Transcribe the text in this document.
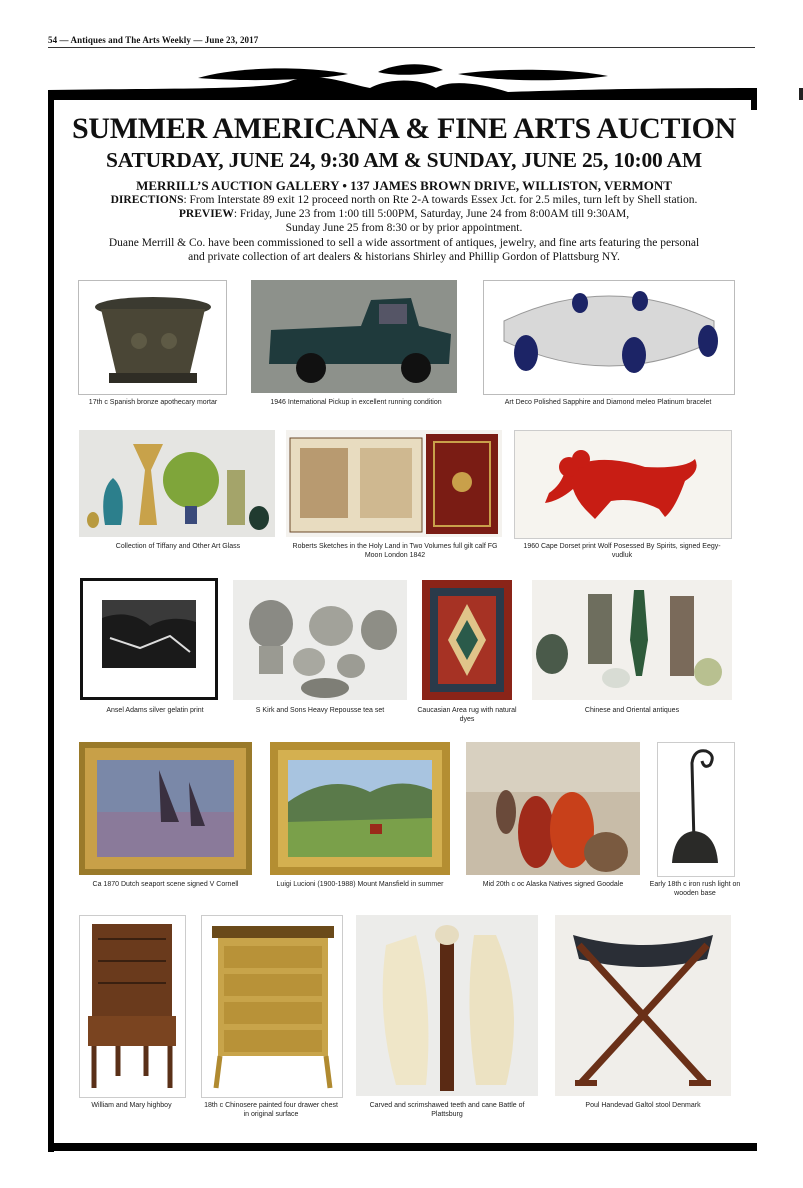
54 — Antiques and The Arts Weekly — June 23, 2017
SUMMER AMERICANA & FINE ARTS AUCTION
SATURDAY, JUNE 24, 9:30 AM & SUNDAY, JUNE 25, 10:00 AM
MERRILL’S AUCTION GALLERY • 137 JAMES BROWN DRIVE, WILLISTON, VERMONT
DIRECTIONS: From Interstate 89 exit 12 proceed north on Rte 2-A towards Essex Jct. for 2.5 miles, turn left by Shell station.
PREVIEW: Friday, June 23 from 1:00 till 5:00PM, Saturday, June 24 from 8:00AM till 9:30AM,
Sunday June 25 from 8:30 or by prior appointment.
Duane Merrill & Co. have been commissioned to sell a wide assortment of antiques, jewelry, and fine arts featuring the personal
and private collection of art dealers & historians Shirley and Phillip Gordon of Plattsburg NY.
17th c Spanish bronze apothecary mortar	1946 International Pickup in excellent running condition	Art Deco Polished Sapphire and Diamond meleo Platinum bracelet
Collection of Tiffany and Other Art Glass	Roberts Sketches in the Holy Land in Two Volumes full gilt calf FG Moon London 1842
1960 Cape Dorset print Wolf Posessed By Spirits, signed Eegy-vudluk
Ansel Adams silver gelatin print	S Kirk and Sons Heavy Repousse tea set	Caucasian Area rug with natural dyes
Chinese and Oriental antiques
Ca 1870 Dutch seaport scene signed V Cornell	Luigi Lucioni (1900-1988) Mount Mansfield in summer	Mid 20th c oc Alaska Natives signed Goodale	Early 18th c iron rush light on wooden base
William and Mary highboy	18th c Chinosere painted four drawer chest in original surface
Carved and scrimshawed teeth and cane Battle of Plattsburg
Poul Handevad Galtol stool Denmark
